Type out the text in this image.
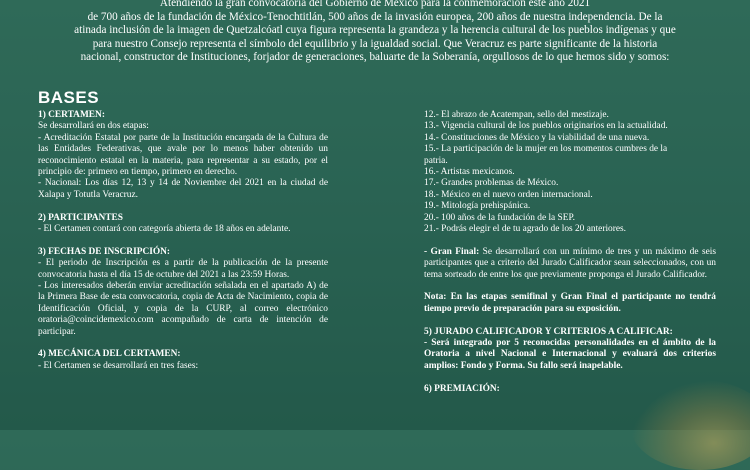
Atendiendo la gran convocatoria del Gobierno de México para la conmemoración este año 2021

de 700 años de la fundación de México-Tenochtitlán, 500 años de la invasión europea, 200 años de nuestra independencia. De la

atinada inclusión de la imagen de Quetzalcóatl cuya figura representa la grandeza y la herencia cultural de los pueblos indígenas y que

para nuestro Consejo representa el símbolo del equilibrio y la igualdad social. Que Veracruz es parte significante de la historia

nacional, constructor de Instituciones, forjador de generaciones, baluarte de la Soberanía, orgullosos de lo que hemos sido y somos:

BASES

1) CERTAMEN:

Se desarrollará en dos etapas:

- Acreditación Estatal por parte de la Institución encargada de la Cultura de las Entidades Federativas, que avale por lo menos haber obtenido un reconocimiento estatal en la materia, para representar a su estado, por el principio de: primero en tiempo, primero en derecho.

- Nacional: Los días 12, 13 y 14 de Noviembre del 2021 en la ciudad de Xalapa y Totutla Veracruz.

2) PARTICIPANTES

- El Certamen contará con categoría abierta de 18 años en adelante.

3) FECHAS DE INSCRIPCIÓN:

- El periodo de Inscripción es a partir de la publicación de la presente convocatoria hasta el día 15 de octubre del 2021 a las 23:59 Horas.

- Los interesados deberán enviar acreditación señalada en el apartado A) de la Primera Base de esta convocatoria, copia de Acta de Nacimiento, copia de Identificación Oficial, y copia de la CURP, al correo electrónico oratoria@coincidemexico.com acompañado de carta de intención de participar.

4) MECÁNICA DEL CERTAMEN:

- El Certamen se desarrollará en tres fases:

12.- El abrazo de Acatempan, sello del mestizaje.

13.- Vigencia cultural de los pueblos originarios en la actualidad.

14.- Constituciones de México y la viabilidad de una nueva.

15.- La participación de la mujer en los momentos cumbres de la

patria.

16.- Artistas mexicanos.

17.- Grandes problemas de México.

18.- México en el nuevo orden internacional.

19.- Mitología prehispánica.

20.- 100 años de la fundación de la SEP.

21.- Podrás elegir el de tu agrado de los 20 anteriores.

- Gran Final: Se desarrollará con un mínimo de tres y un máximo de seis participantes que a criterio del Jurado Calificador sean seleccionados, con un tema sorteado de entre los que previamente proponga el Jurado Calificador.

Nota: En las etapas semifinal y Gran Final el participante no tendrá tiempo previo de preparación para su exposición.

5) JURADO CALIFICADOR Y CRITERIOS A CALIFICAR:

- Será integrado por 5 reconocidas personalidades en el ámbito de la Oratoria a nivel Nacional e Internacional y evaluará dos criterios amplios: Fondo y Forma. Su fallo será inapelable.

6) PREMIACIÓN:
